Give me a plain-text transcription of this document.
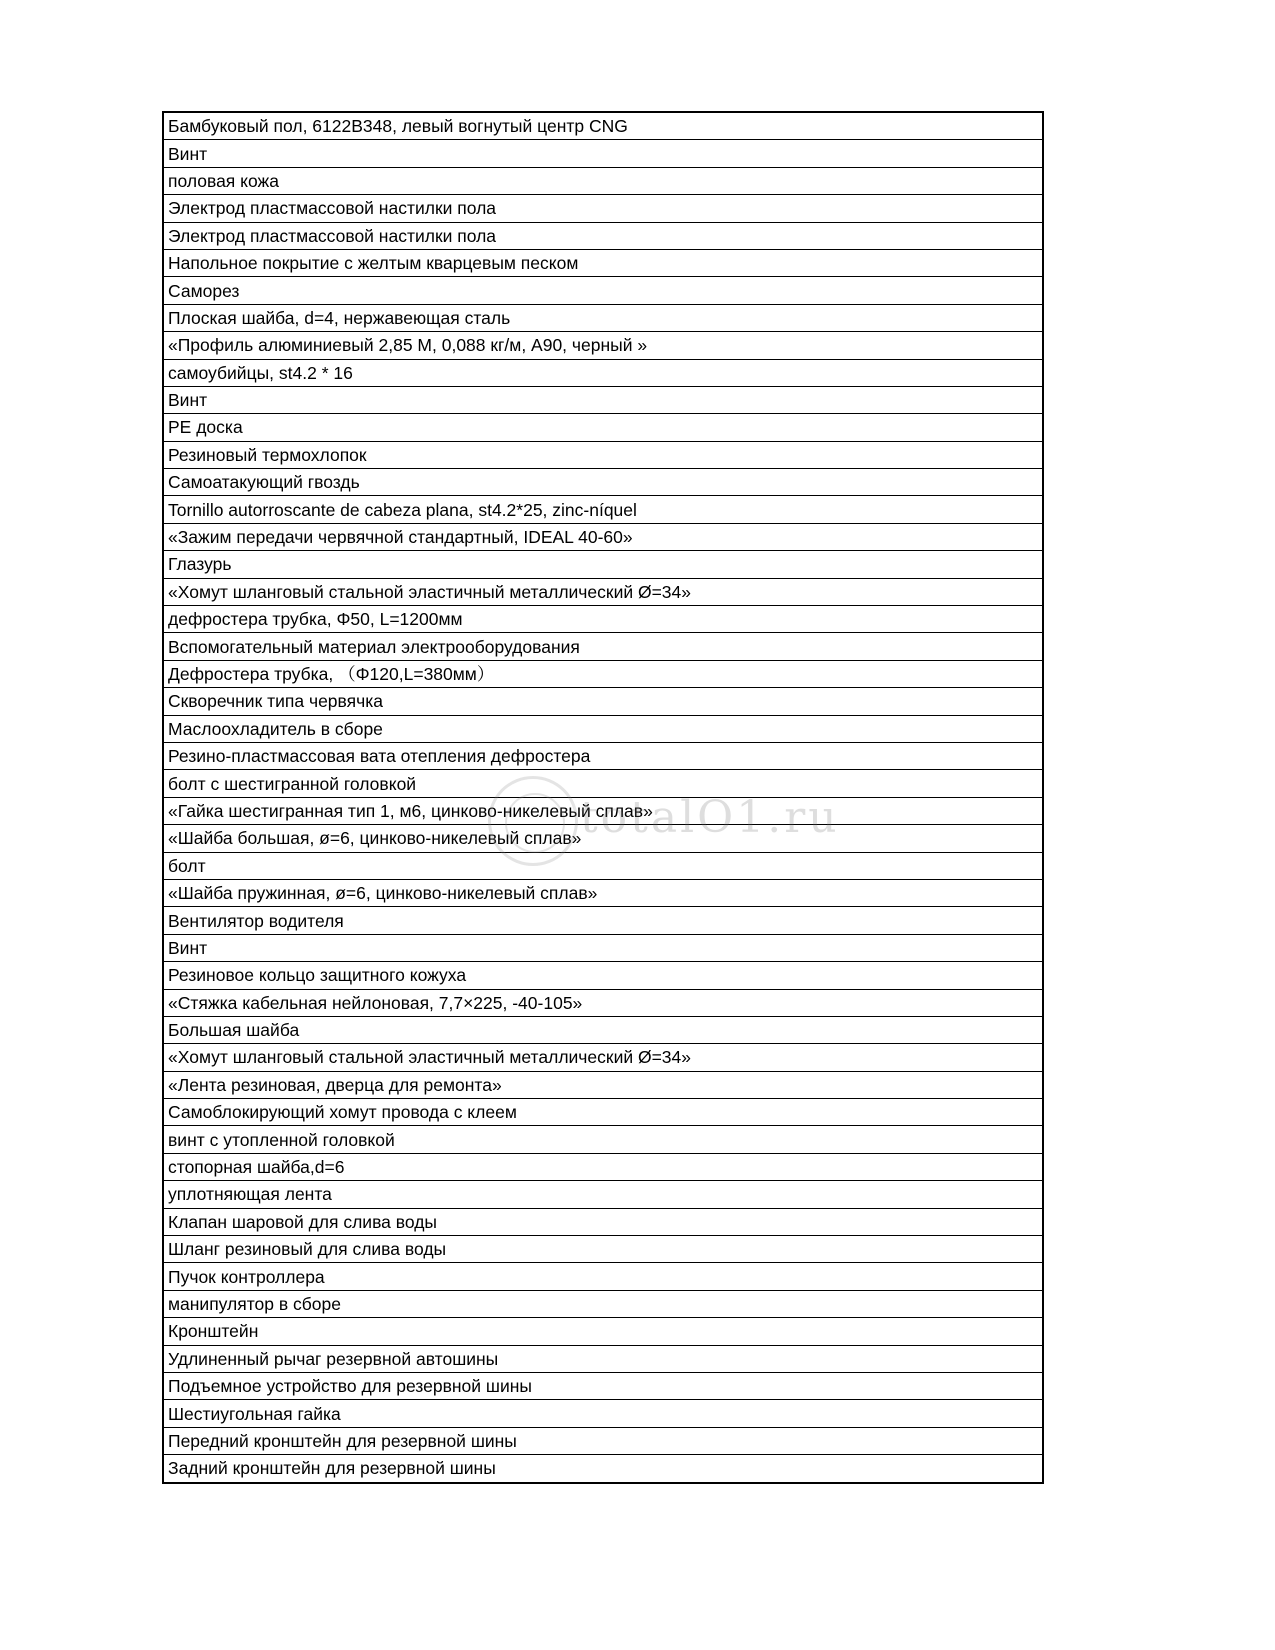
Бамбуковый пол, 6122B348, левый вогнутый центр CNG
Винт
половая кожа
Электрод пластмассовой настилки пола
Электрод пластмассовой настилки пола
Напольное покрытие с желтым кварцевым песком
Саморез
Плоская шайба, d=4, нержавеющая сталь
«Профиль алюминиевый 2,85 М, 0,088 кг/м, А90, черный »
самоубийцы, st4.2 * 16
Винт
PE доска
Резиновый термохлопок
Самоатакующий гвоздь
Tornillo autorroscante de cabeza plana, st4.2*25, zinc-níquel
«Зажим передачи червячной стандартный, IDEAL 40-60»
Глазурь
«Хомут шланговый стальной эластичный металлический Ø=34»
дефростера трубка, Φ50, L=1200мм
Вспомогательный материал электрооборудования
Дефростера трубка, （Φ120,L=380мм）
Скворечник типа червячка
Маслоохладитель в сборе
Резино-пластмассовая вата отепления дефростера
болт с шестигранной головкой
«Гайка шестигранная тип 1, м6, цинково-никелевый сплав»
«Шайба большая, ø=6, цинково-никелевый сплав»
болт
«Шайба пружинная, ø=6, цинково-никелевый сплав»
Вентилятор водителя
Винт
Резиновое кольцо защитного кожуха
«Стяжка кабельная нейлоновая, 7,7×225, -40-105»
Большая шайба
«Хомут шланговый стальной эластичный металлический Ø=34»
«Лента резиновая, дверца для ремонта»
Самоблокирующий хомут провода с клеем
винт с утопленной головкой
стопорная шайба,d=6
уплотняющая лента
Клапан шаровой для слива воды
Шланг резиновый для слива воды
Пучок контроллера
манипулятор в сборе
Кронштейн
Удлиненный рычаг резервной автошины
Подъемное устройство для резервной шины
Шестиугольная гайка
Передний кронштейн для резервной шины
Задний кронштейн для резервной шины
totalO1.ru
